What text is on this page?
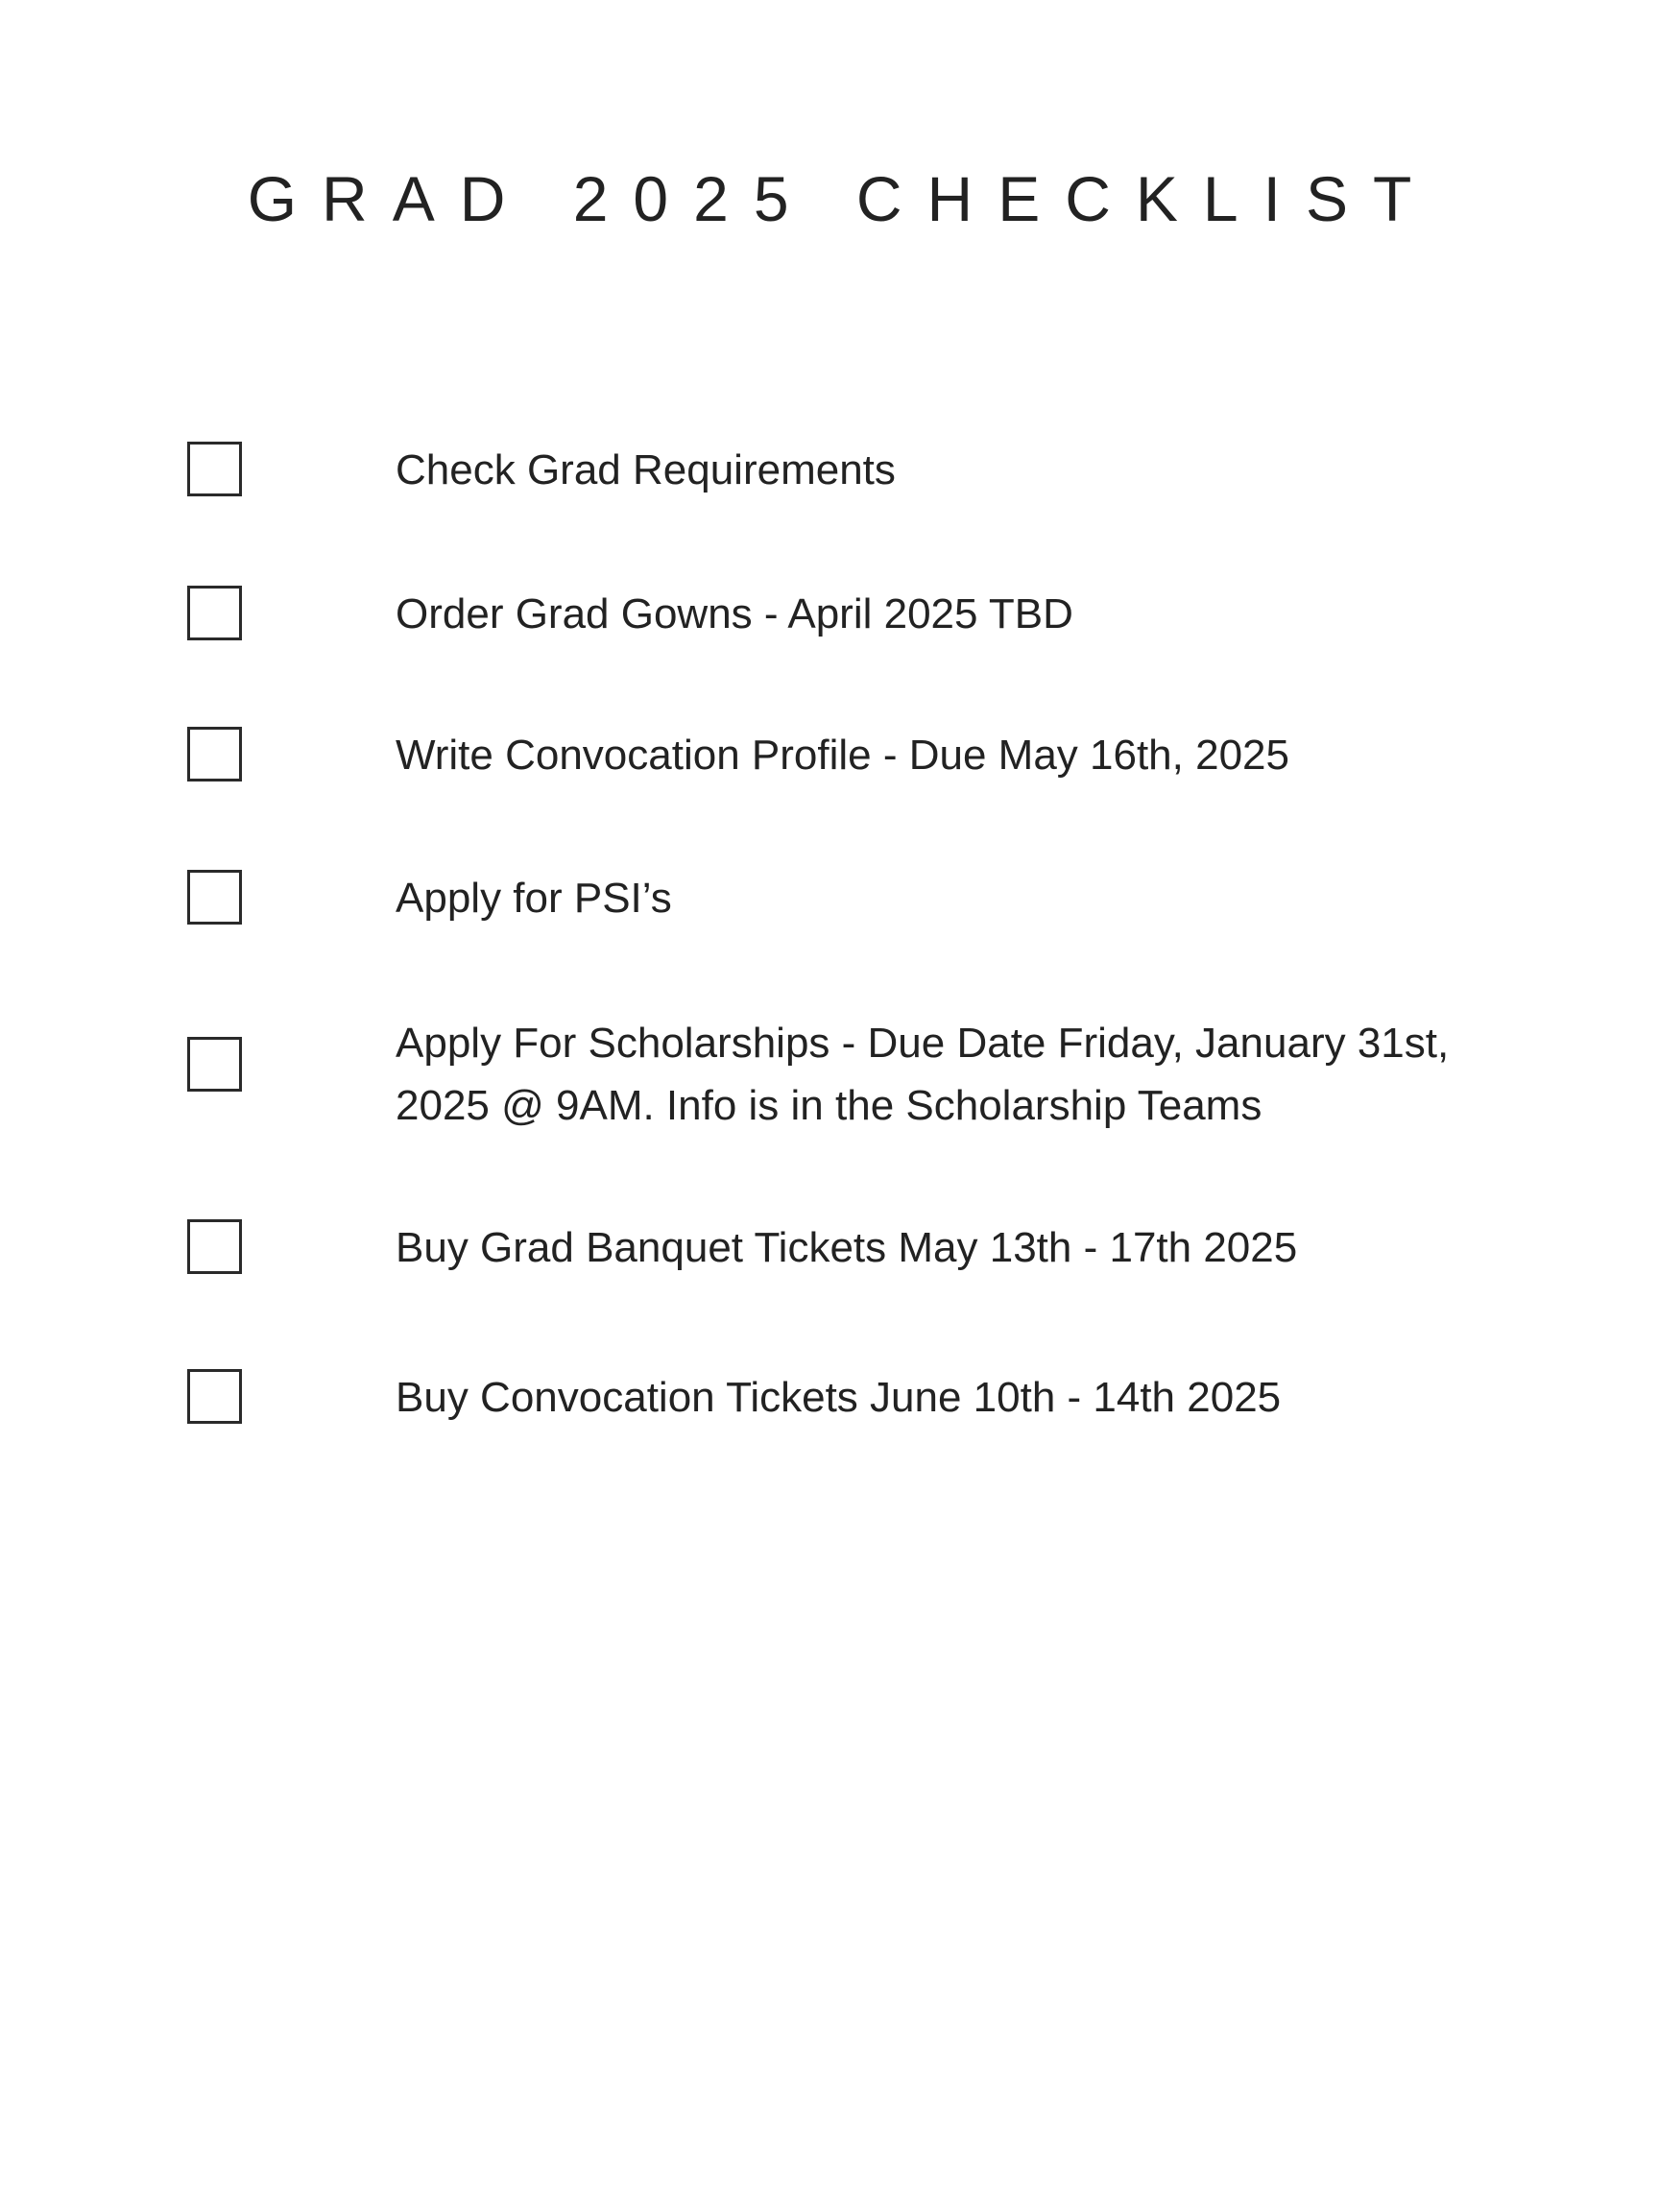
GRAD 2025 CHECKLIST
Check Grad Requirements
Order Grad Gowns - April 2025 TBD
Write Convocation Profile - Due May 16th, 2025
Apply for PSI’s
Apply For Scholarships - Due Date Friday, January 31st, 2025 @ 9AM. Info is in the Scholarship Teams
Buy Grad Banquet Tickets May 13th - 17th 2025
Buy Convocation Tickets June 10th - 14th 2025
